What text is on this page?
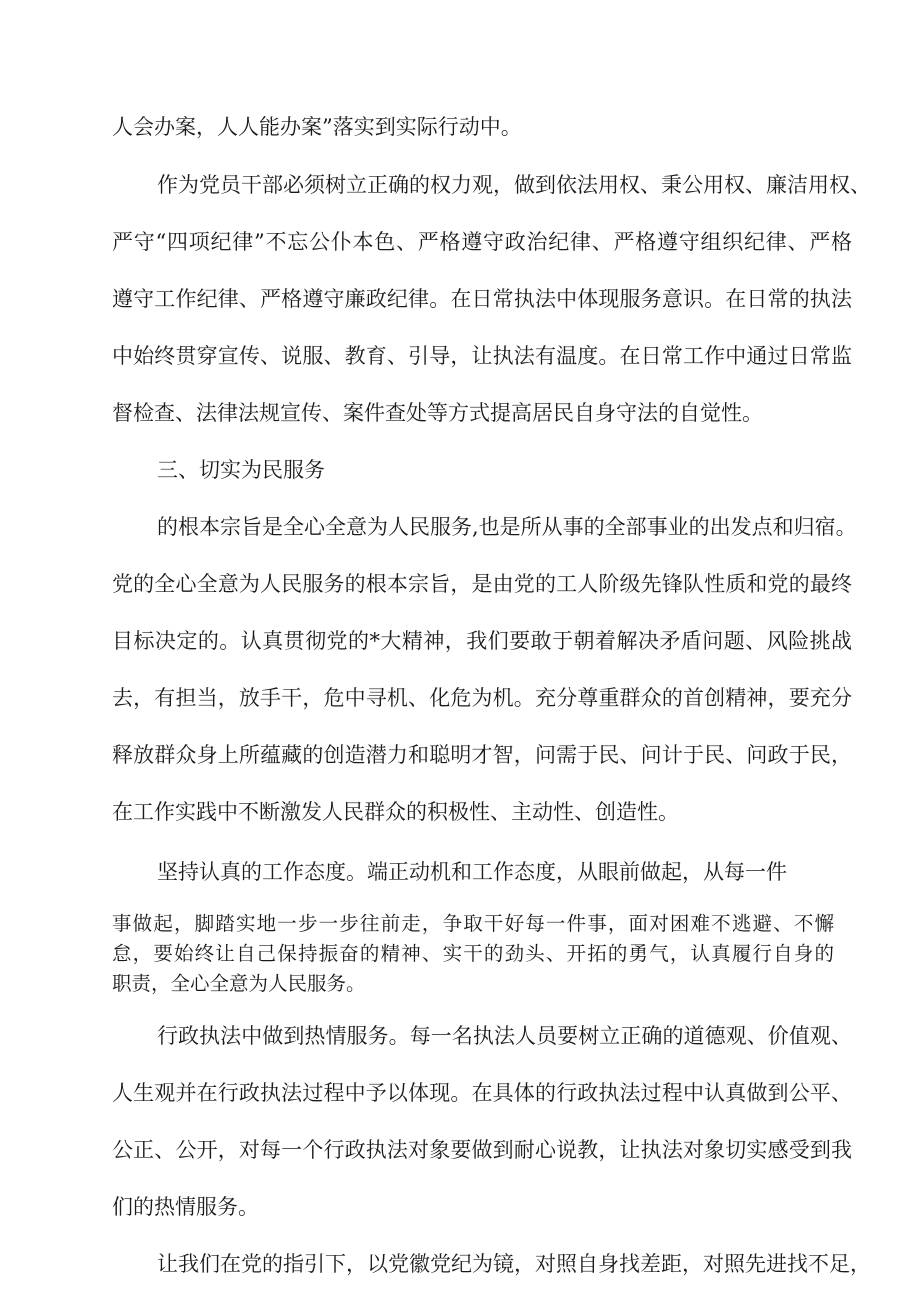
人会办案，人人能办案”落实到实际行动中。
作为党员干部必须树立正确的权力观，做到依法用权、秉公用权、廉洁用权、
严守“四项纪律”不忘公仆本色、严格遵守政治纪律、严格遵守组织纪律、严格
遵守工作纪律、严格遵守廉政纪律。在日常执法中体现服务意识。在日常的执法
中始终贯穿宣传、说服、教育、引导，让执法有温度。在日常工作中通过日常监
督检查、法律法规宣传、案件查处等方式提高居民自身守法的自觉性。
三、切实为民服务
的根本宗旨是全心全意为人民服务,也是所从事的全部事业的出发点和归宿。
党的全心全意为人民服务的根本宗旨，是由党的工人阶级先锋队性质和党的最终
目标决定的。认真贯彻党的*大精神，我们要敢于朝着解决矛盾问题、风险挑战
去，有担当，放手干，危中寻机、化危为机。充分尊重群众的首创精神，要充分
释放群众身上所蕴藏的创造潜力和聪明才智，问需于民、问计于民、问政于民，
在工作实践中不断激发人民群众的积极性、主动性、创造性。
坚持认真的工作态度。端正动机和工作态度，从眼前做起，从每一件
事做起，脚踏实地一步一步往前走，争取干好每一件事，面对困难不逃避、不懈
怠，要始终让自己保持振奋的精神、实干的劲头、开拓的勇气，认真履行自身的
职责，全心全意为人民服务。
行政执法中做到热情服务。每一名执法人员要树立正确的道德观、价值观、
人生观并在行政执法过程中予以体现。在具体的行政执法过程中认真做到公平、
公正、公开，对每一个行政执法对象要做到耐心说教，让执法对象切实感受到我
们的热情服务。
让我们在党的指引下，以党徽党纪为镜，对照自身找差距，对照先进找不足，
